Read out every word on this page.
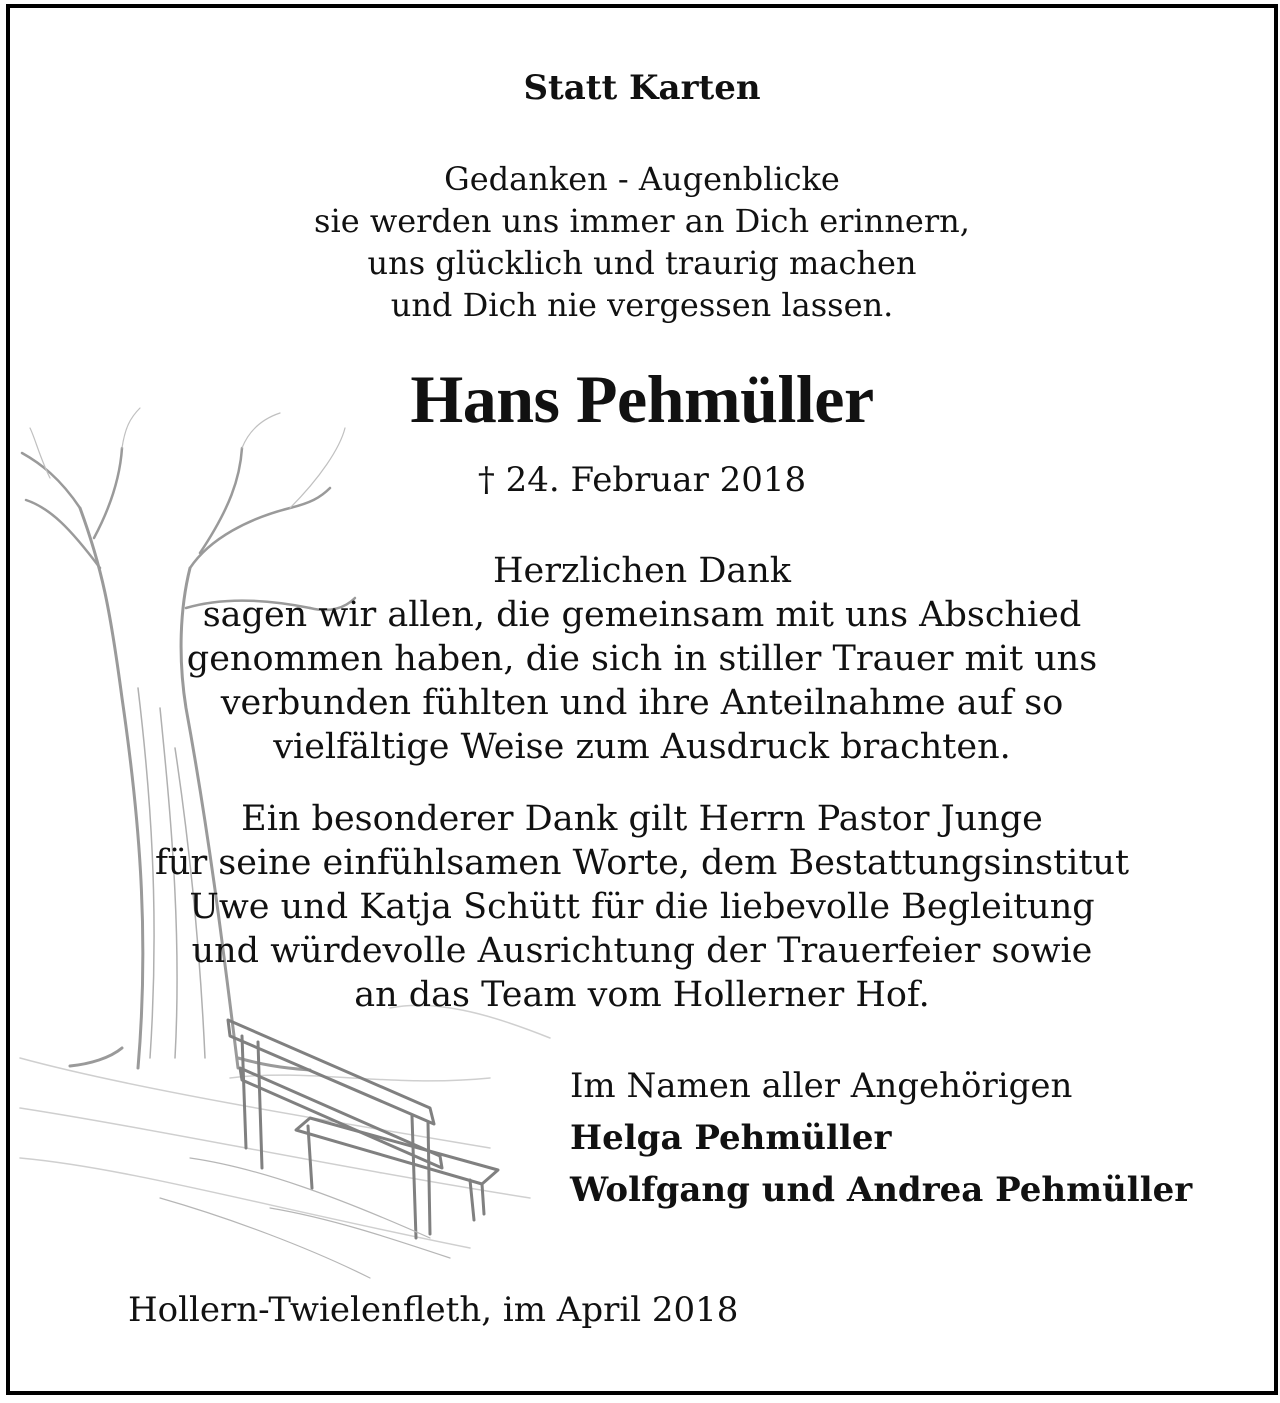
Statt Karten
Gedanken - Augenblicke
sie werden uns immer an Dich erinnern,
uns glücklich und traurig machen
und Dich nie vergessen lassen.
Hans Pehmüller
† 24. Februar 2018
Herzlichen Dank
sagen wir allen, die gemeinsam mit uns Abschied
genommen haben, die sich in stiller Trauer mit uns
verbunden fühlten und ihre Anteilnahme auf so
vielfältige Weise zum Ausdruck brachten.
Ein besonderer Dank gilt Herrn Pastor Junge
für seine einfühlsamen Worte, dem Bestattungsinstitut
Uwe und Katja Schütt für die liebevolle Begleitung
und würdevolle Ausrichtung der Trauerfeier sowie
an das Team vom Hollerner Hof.
Im Namen aller Angehörigen
Helga Pehmüller
Wolfgang und Andrea Pehmüller
Hollern-Twielenfleth, im April 2018
